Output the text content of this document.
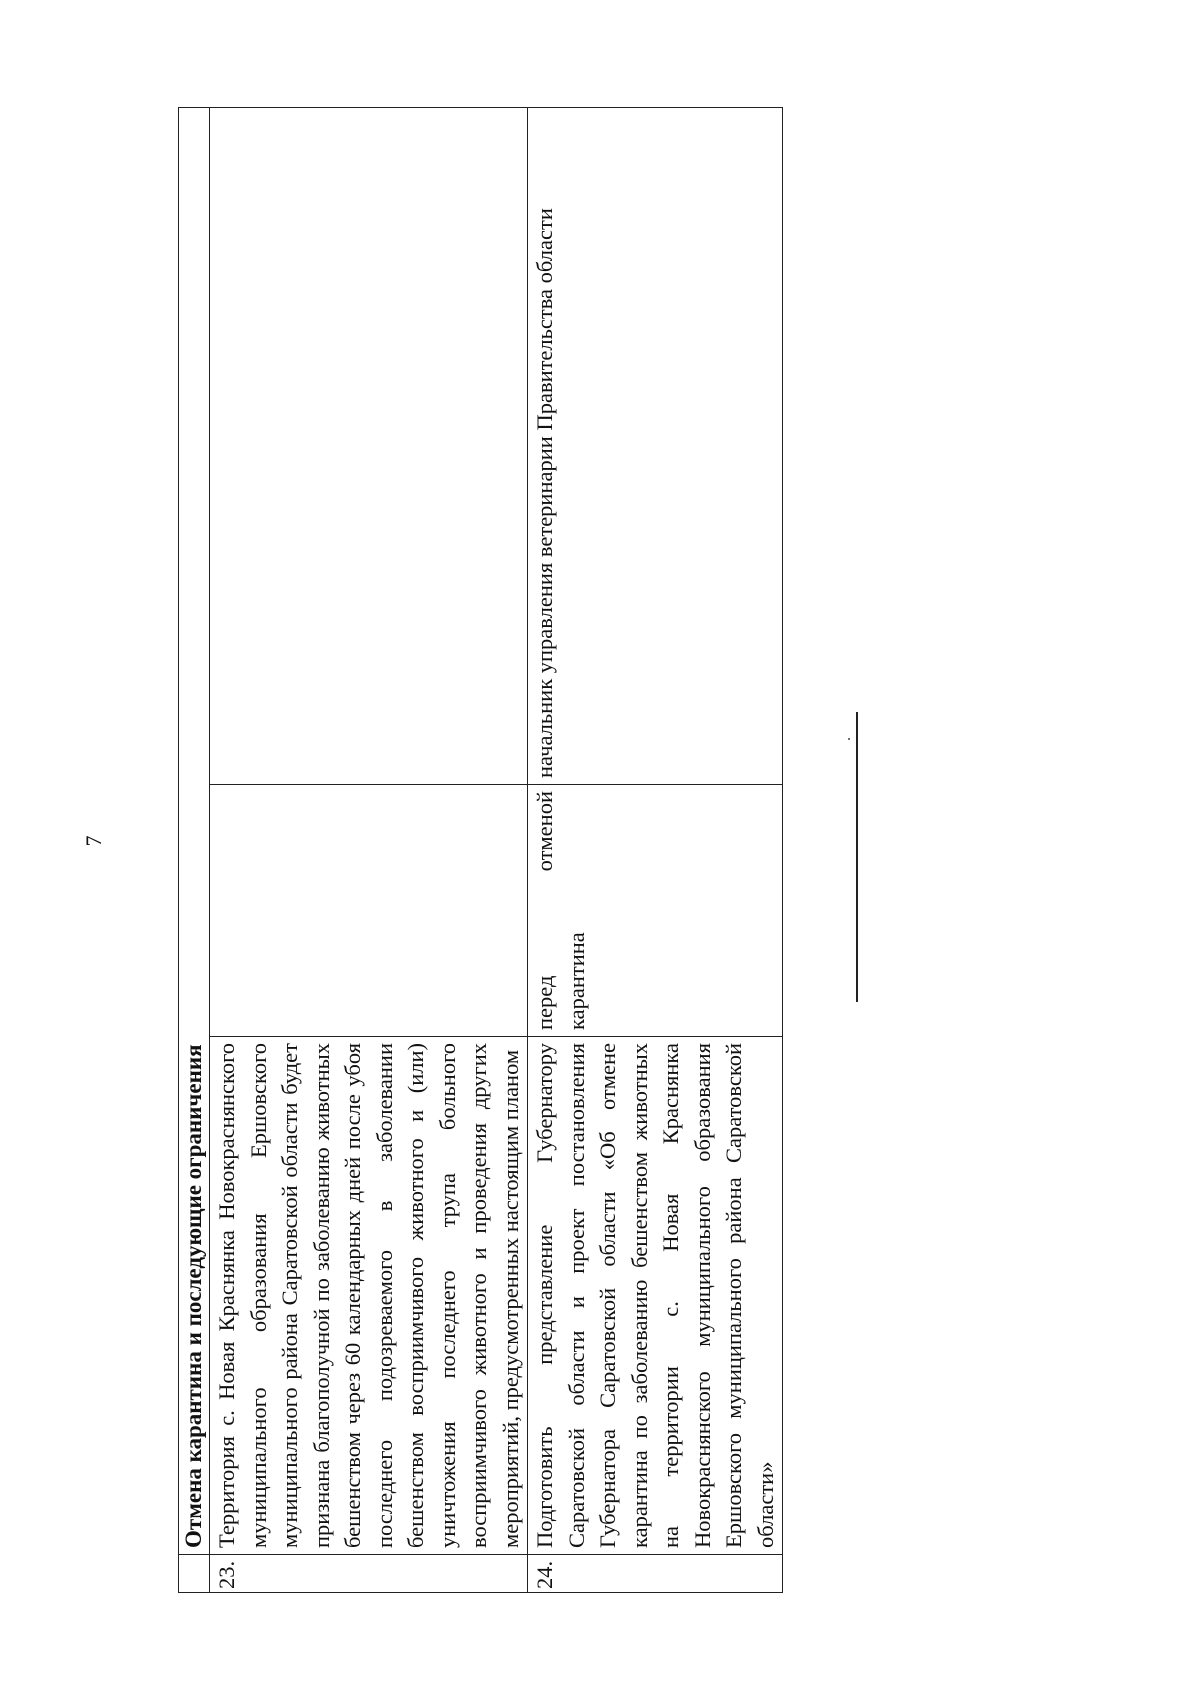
7
	Отмена карантина и последующие ограничения		
23.	Территория с. Новая Краснянка Новокраснянского муниципального образования Ершовского муниципального района Саратовской области будет признана благополучной по заболеванию животных бешенством через 60 календарных дней после убоя последнего подозреваемого в заболевании бешенством восприимчивого животного и (или) уничтожения последнего трупа больного восприимчивого животного и проведения других мероприятий, предусмотренных настоящим планом		

24.	Подготовить представление Губернатору Саратовской области и проект постановления Губернатора Саратовской области «Об отмене карантина по заболеванию бешенством животных на территории с. Новая Краснянка Новокраснянского муниципального образования Ершовского муниципального района Саратовской области»	перед отменой карантина	начальник управления ветеринарии Правительства области
